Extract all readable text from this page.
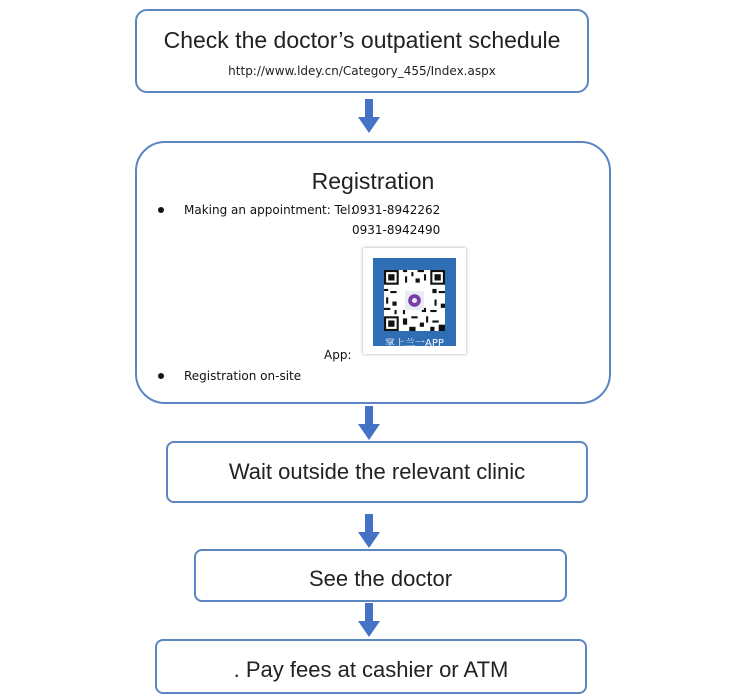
Check the doctor’s outpatient schedule
http://www.ldey.cn/Category_455/Index.aspx
Registration
Making an appointment: Tel:
0931-8942262
0931-8942490
掌上兰一APP
App:
Registration on-site
Wait outside the relevant clinic
See the doctor
. Pay fees at cashier or ATM
